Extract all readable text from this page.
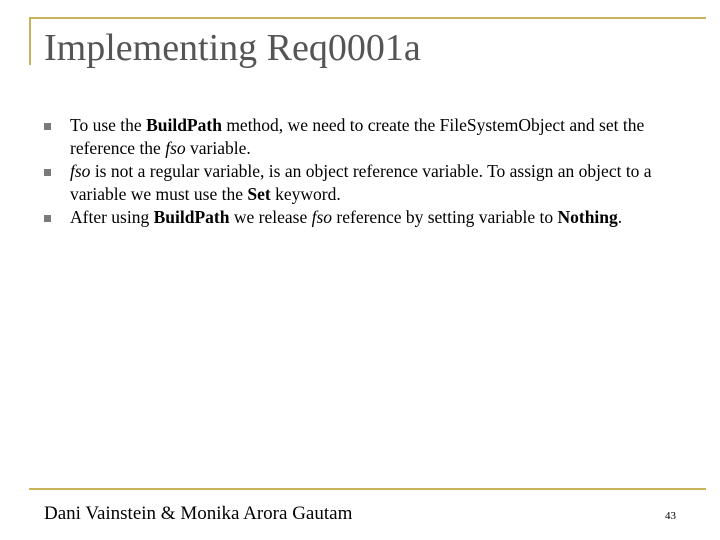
Implementing Req0001a
To use the BuildPath method, we need to create the FileSystemObject and set the reference the fso variable.
fso is not a regular variable, is an object reference variable. To assign an object to a variable we must use the Set keyword.
After using BuildPath we release fso reference by setting variable to Nothing.
Dani Vainstein & Monika Arora Gautam	43
